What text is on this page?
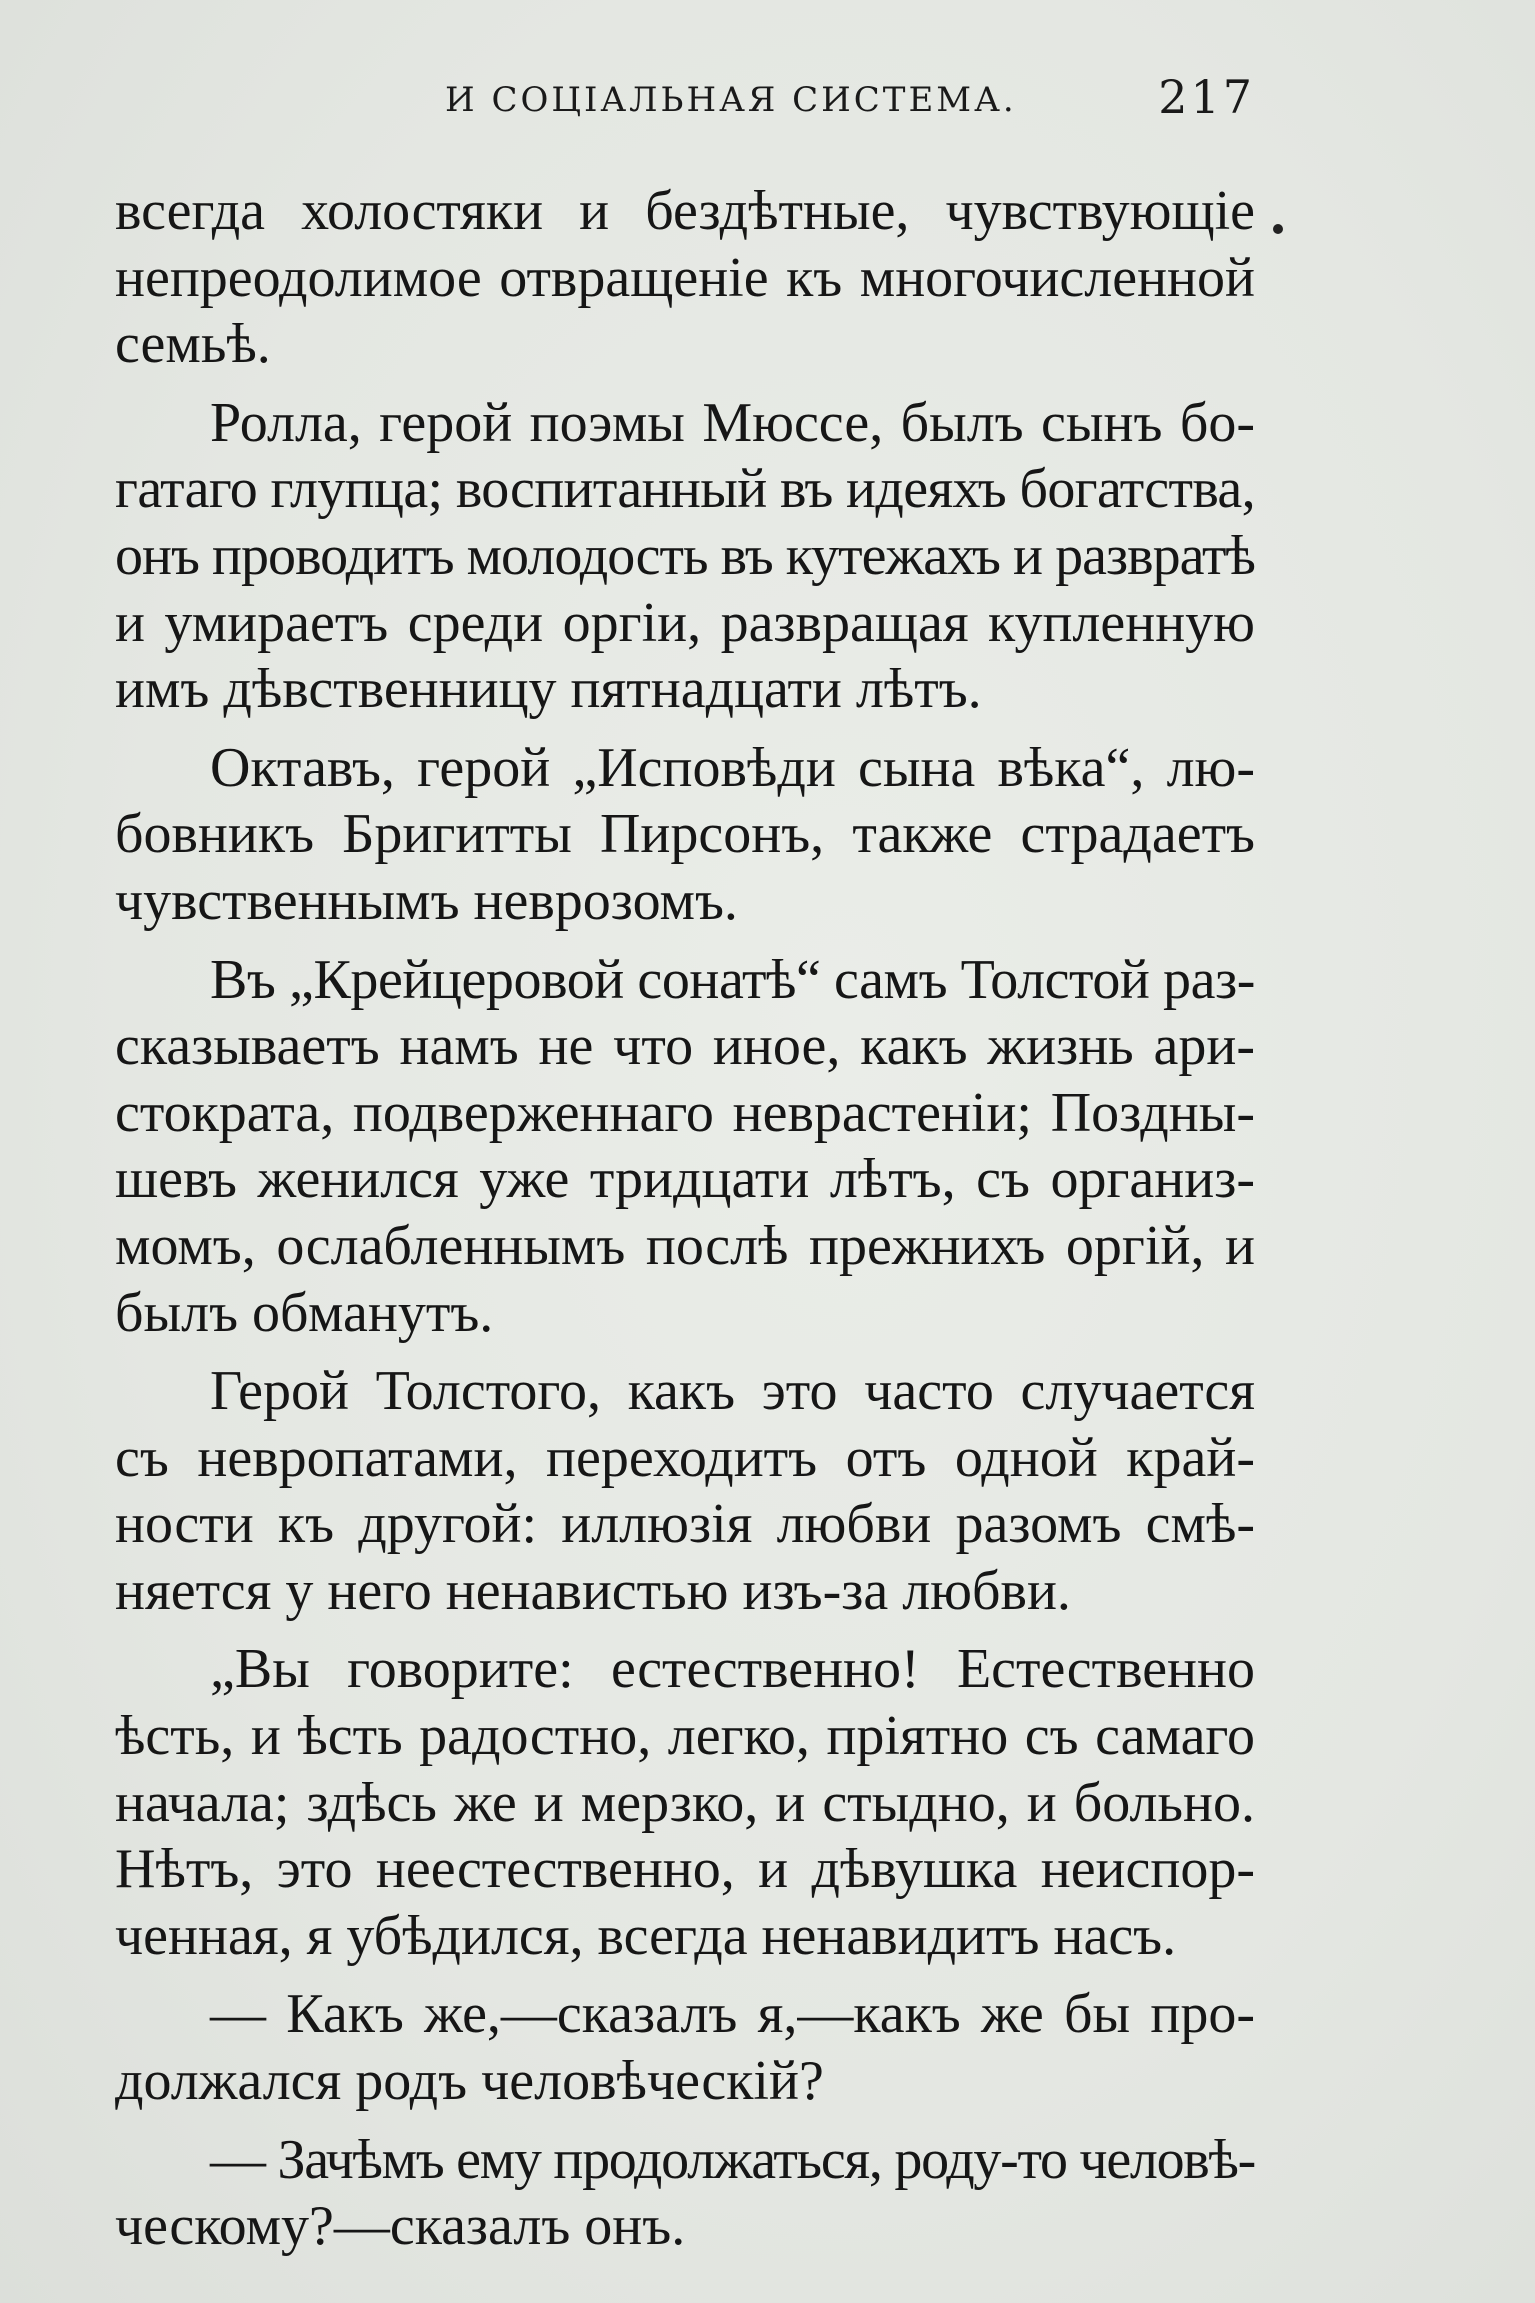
И СОЦІАЛЬНАЯ СИСТЕМА.	217

всегда холостяки и бездѣтные, чувствующіе
непреодолимое отвращеніе къ многочисленной
семьѣ.

Ролла, герой поэмы Мюссе, былъ сынъ бо-
гатаго глупца; воспитанный въ идеяхъ богатства,
онъ проводитъ молодость въ кутежахъ и развратѣ
и умираетъ среди оргіи, развращая купленную
имъ дѣвственницу пятнадцати лѣтъ.

Октавъ, герой „Исповѣди сына вѣка“, лю-
бовникъ Бригитты Пирсонъ, также страдаетъ
чувственнымъ неврозомъ.

Въ „Крейцеровой сонатѣ“ самъ Толстой раз-
сказываетъ намъ не что иное, какъ жизнь ари-
стократа, подверженнаго неврастеніи; Поздны-
шевъ женился уже тридцати лѣтъ, съ организ-
момъ, ослабленнымъ послѣ прежнихъ оргій, и
былъ обманутъ.

Герой Толстого, какъ это часто случается
съ невропатами, переходитъ отъ одной край-
ности къ другой: иллюзія любви разомъ смѣ-
няется у него ненавистью изъ-за любви.

„Вы говорите: естественно! Естественно
ѣсть, и ѣсть радостно, легко, пріятно съ самаго
начала; здѣсь же и мерзко, и стыдно, и больно.
Нѣтъ, это неестественно, и дѣвушка неиспор-
ченная, я убѣдился, всегда ненавидитъ насъ.

— Какъ же,—сказалъ я,—какъ же бы про-
должался родъ человѣческій?

— Зачѣмъ ему продолжаться, роду-то человѣ-
ческому?—сказалъ онъ.
